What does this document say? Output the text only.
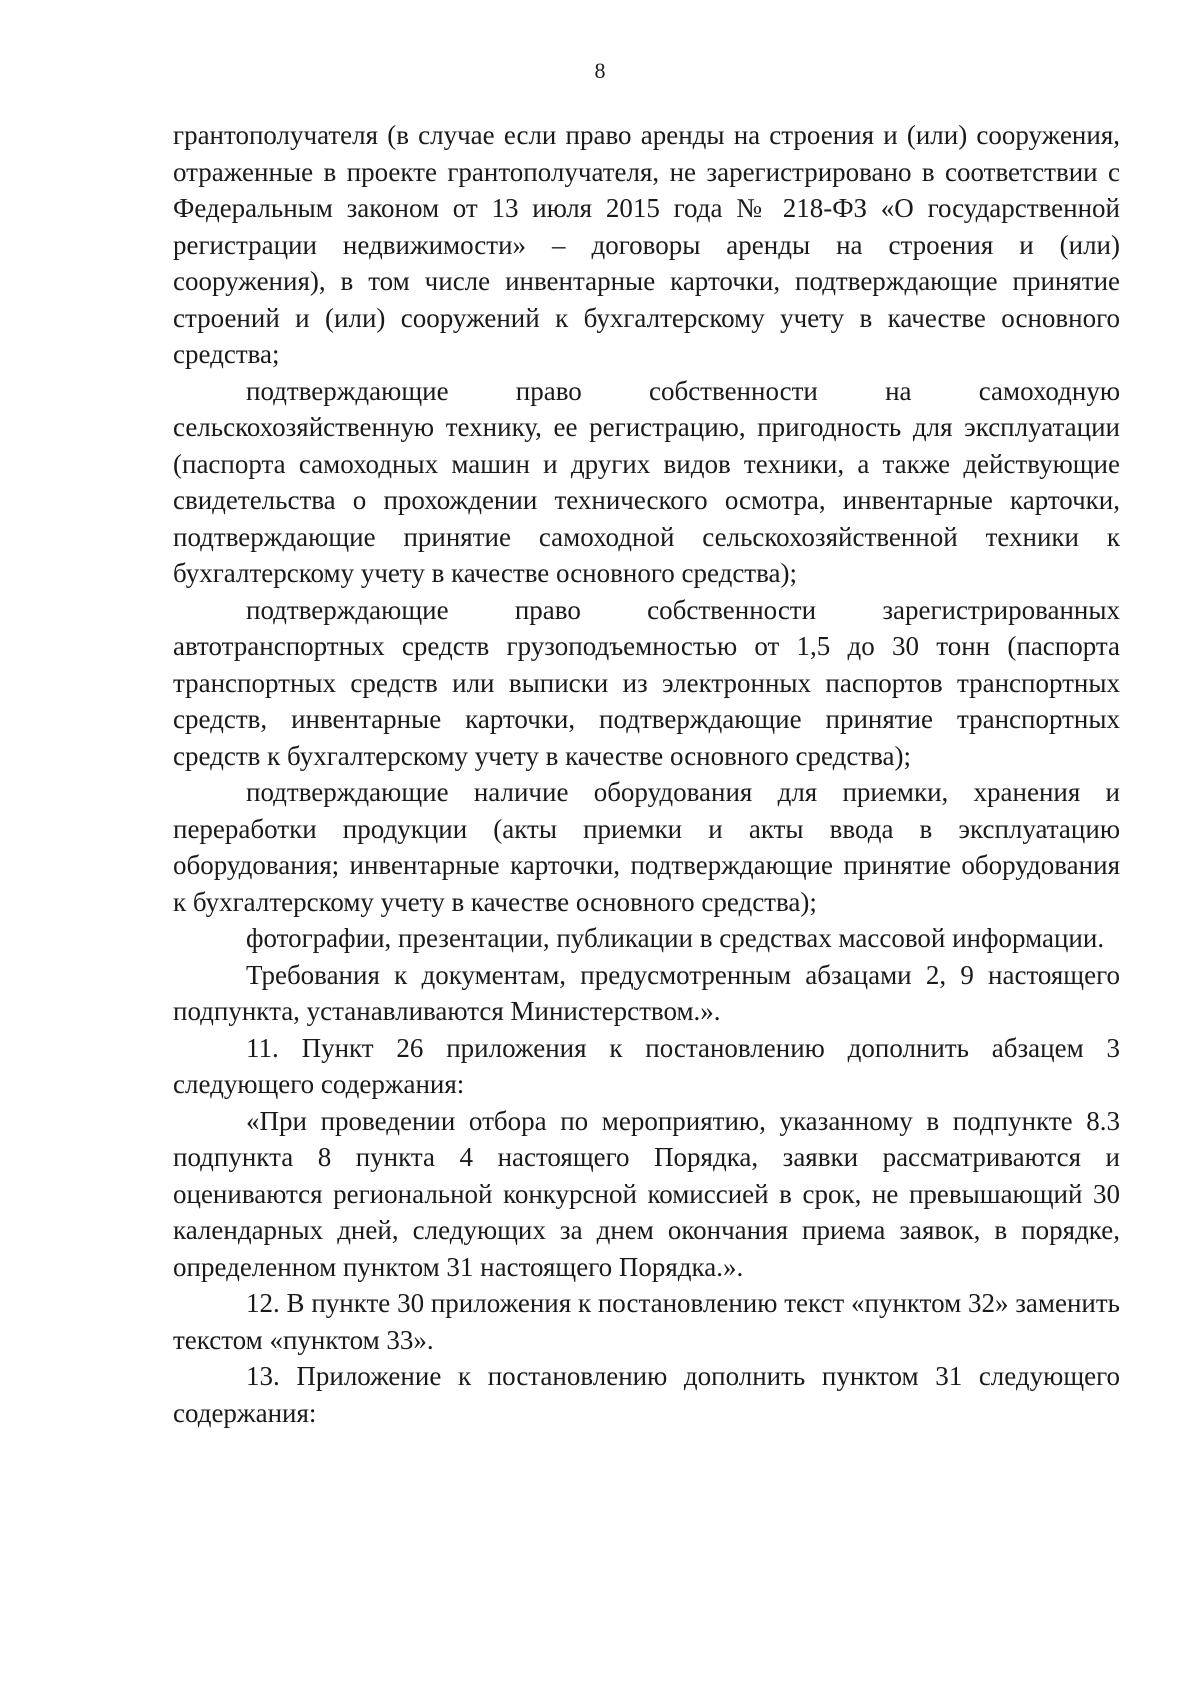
8

грантополучателя (в случае если право аренды на строения и (или) сооружения, отраженные в проекте грантополучателя, не зарегистрировано в соответствии с Федеральным законом от 13 июля 2015 года № 218-ФЗ «О государственной регистрации недвижимости» – договоры аренды на строения и (или) сооружения), в том числе инвентарные карточки, подтверждающие принятие строений и (или) сооружений к бухгалтерскому учету в качестве основного средства;

подтверждающие право собственности на самоходную сельскохозяйственную технику, ее регистрацию, пригодность для эксплуатации (паспорта самоходных машин и других видов техники, а также действующие свидетельства о прохождении технического осмотра, инвентарные карточки, подтверждающие принятие самоходной сельскохозяйственной техники к бухгалтерскому учету в качестве основного средства);

подтверждающие право собственности зарегистрированных автотранспортных средств грузоподъемностью от 1,5 до 30 тонн (паспорта транспортных средств или выписки из электронных паспортов транспортных средств, инвентарные карточки, подтверждающие принятие транспортных средств к бухгалтерскому учету в качестве основного средства);

подтверждающие наличие оборудования для приемки, хранения и переработки продукции (акты приемки и акты ввода в эксплуатацию оборудования; инвентарные карточки, подтверждающие принятие оборудования к бухгалтерскому учету в качестве основного средства);

фотографии, презентации, публикации в средствах массовой информации.

Требования к документам, предусмотренным абзацами 2, 9 настоящего подпункта, устанавливаются Министерством.».

11. Пункт 26 приложения к постановлению дополнить абзацем 3 следующего содержания:

«При проведении отбора по мероприятию, указанному в подпункте 8.3 подпункта 8 пункта 4 настоящего Порядка, заявки рассматриваются и оцениваются региональной конкурсной комиссией в срок, не превышающий 30 календарных дней, следующих за днем окончания приема заявок, в порядке, определенном пунктом 31 настоящего Порядка.».

12. В пункте 30 приложения к постановлению текст «пунктом 32» заменить текстом «пунктом 33».

13. Приложение к постановлению дополнить пунктом 31 следующего содержания:
